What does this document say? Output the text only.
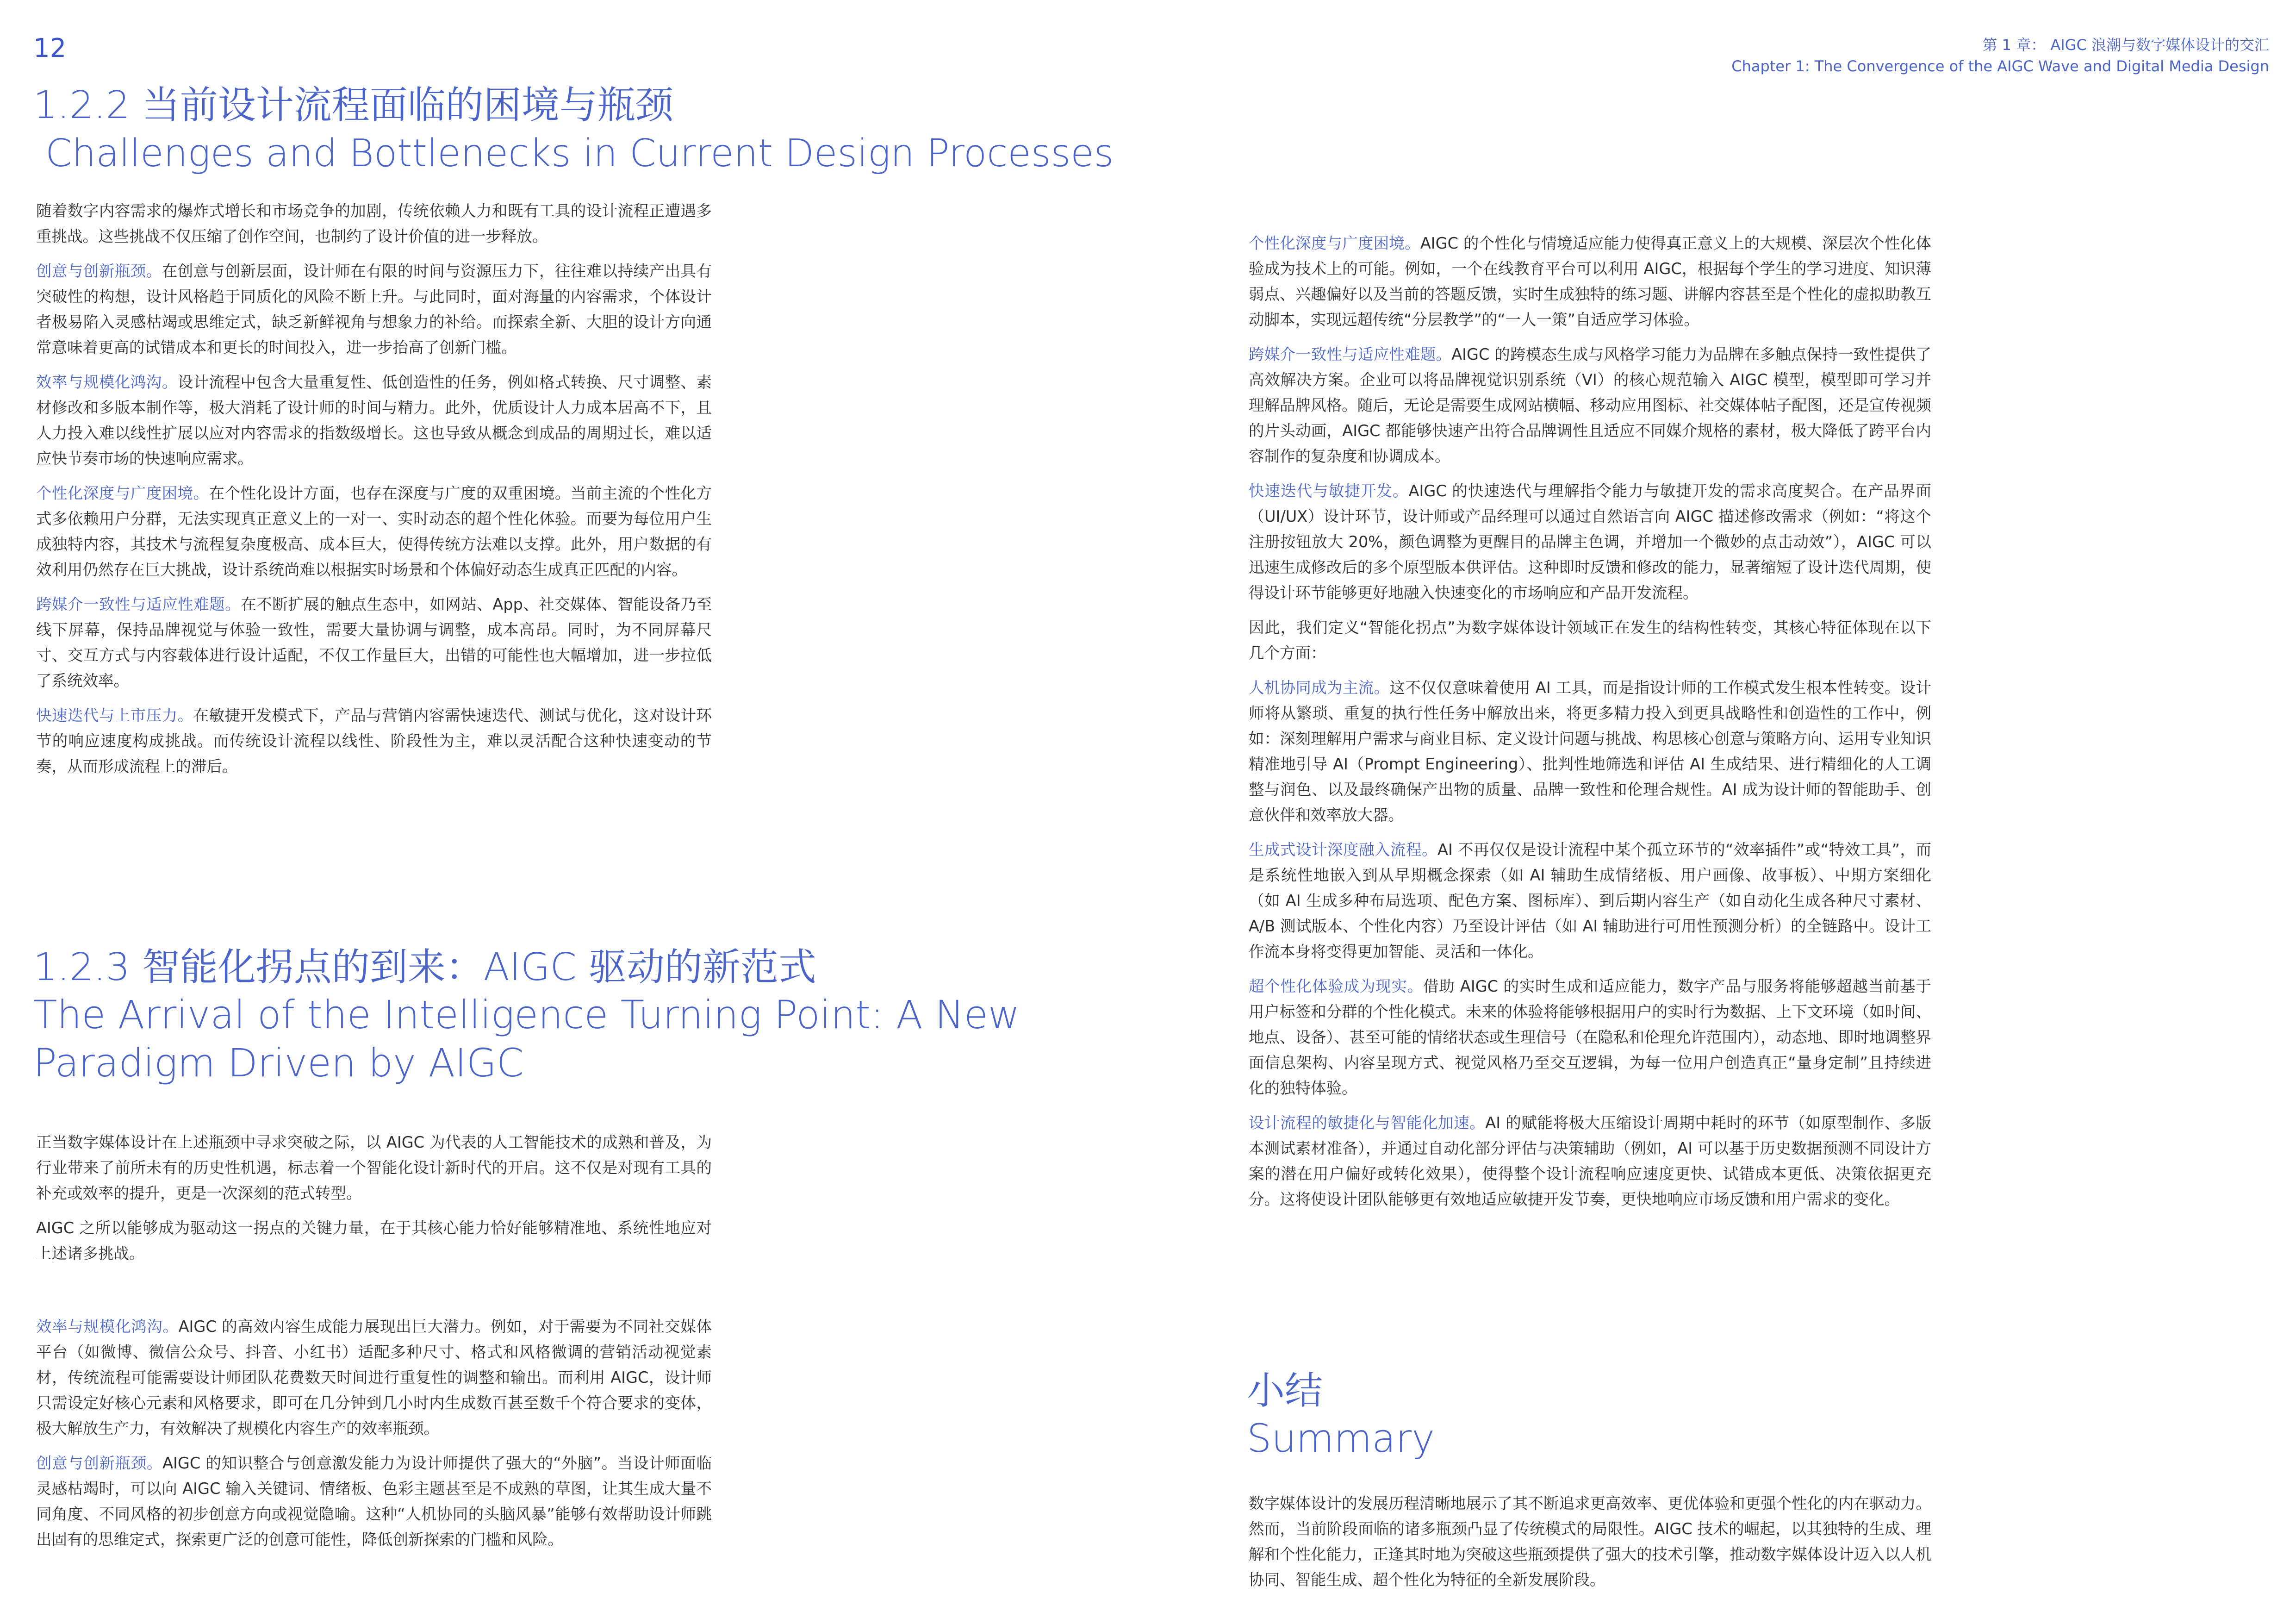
12	第 1 章： AIGC 浪潮与数字媒体设计的交汇
Chapter 1: The Convergence of the AIGC Wave and Digital Media Design
1.2.2 当前设计流程面临的困境与瓶颈
Challenges and Bottlenecks in Current Design Processes

随着数字内容需求的爆炸式增长和市场竞争的加剧，传统依赖人力和既有工具的设计流程正遭遇多重挑战。这些挑战不仅压缩了创作空间，也制约了设计价值的进一步释放。

创意与创新瓶颈。在创意与创新层面，设计师在有限的时间与资源压力下，往往难以持续产出具有突破性的构想，设计风格趋于同质化的风险不断上升。与此同时，面对海量的内容需求，个体设计者极易陷入灵感枯竭或思维定式，缺乏新鲜视角与想象力的补给。而探索全新、大胆的设计方向通常意味着更高的试错成本和更长的时间投入，进一步抬高了创新门槛。

效率与规模化鸿沟。设计流程中包含大量重复性、低创造性的任务，例如格式转换、尺寸调整、素材修改和多版本制作等，极大消耗了设计师的时间与精力。此外，优质设计人力成本居高不下，且人力投入难以线性扩展以应对内容需求的指数级增长。这也导致从概念到成品的周期过长，难以适应快节奏市场的快速响应需求。

个性化深度与广度困境。在个性化设计方面，也存在深度与广度的双重困境。当前主流的个性化方式多依赖用户分群，无法实现真正意义上的一对一、实时动态的超个性化体验。而要为每位用户生成独特内容，其技术与流程复杂度极高、成本巨大，使得传统方法难以支撑。此外，用户数据的有效利用仍然存在巨大挑战，设计系统尚难以根据实时场景和个体偏好动态生成真正匹配的内容。

跨媒介一致性与适应性难题。在不断扩展的触点生态中，如网站、App、社交媒体、智能设备乃至线下屏幕，保持品牌视觉与体验一致性，需要大量协调与调整，成本高昂。同时，为不同屏幕尺寸、交互方式与内容载体进行设计适配，不仅工作量巨大，出错的可能性也大幅增加，进一步拉低了系统效率。

快速迭代与上市压力。在敏捷开发模式下，产品与营销内容需快速迭代、测试与优化，这对设计环节的响应速度构成挑战。而传统设计流程以线性、阶段性为主，难以灵活配合这种快速变动的节奏，从而形成流程上的滞后。

1.2.3 智能化拐点的到来：AIGC 驱动的新范式
The Arrival of the Intelligence Turning Point: A New Paradigm Driven by AIGC

正当数字媒体设计在上述瓶颈中寻求突破之际，以 AIGC 为代表的人工智能技术的成熟和普及，为行业带来了前所未有的历史性机遇，标志着一个智能化设计新时代的开启。这不仅是对现有工具的补充或效率的提升，更是一次深刻的范式转型。

AIGC 之所以能够成为驱动这一拐点的关键力量，在于其核心能力恰好能够精准地、系统性地应对上述诸多挑战。

效率与规模化鸿沟。AIGC 的高效内容生成能力展现出巨大潜力。例如，对于需要为不同社交媒体平台（如微博、微信公众号、抖音、小红书）适配多种尺寸、格式和风格微调的营销活动视觉素材，传统流程可能需要设计师团队花费数天时间进行重复性的调整和输出。而利用 AIGC，设计师只需设定好核心元素和风格要求，即可在几分钟到几小时内生成数百甚至数千个符合要求的变体，极大解放生产力，有效解决了规模化内容生产的效率瓶颈。

创意与创新瓶颈。AIGC 的知识整合与创意激发能力为设计师提供了强大的“外脑”。当设计师面临灵感枯竭时，可以向 AIGC 输入关键词、情绪板、色彩主题甚至是不成熟的草图，让其生成大量不同角度、不同风格的初步创意方向或视觉隐喻。这种“人机协同的头脑风暴”能够有效帮助设计师跳出固有的思维定式，探索更广泛的创意可能性，降低创新探索的门槛和风险。

个性化深度与广度困境。AIGC 的个性化与情境适应能力使得真正意义上的大规模、深层次个性化体验成为技术上的可能。例如，一个在线教育平台可以利用 AIGC，根据每个学生的学习进度、知识薄弱点、兴趣偏好以及当前的答题反馈，实时生成独特的练习题、讲解内容甚至是个性化的虚拟助教互动脚本，实现远超传统“分层教学”的“一人一策”自适应学习体验。

跨媒介一致性与适应性难题。AIGC 的跨模态生成与风格学习能力为品牌在多触点保持一致性提供了高效解决方案。企业可以将品牌视觉识别系统（VI）的核心规范输入 AIGC 模型，模型即可学习并理解品牌风格。随后，无论是需要生成网站横幅、移动应用图标、社交媒体帖子配图，还是宣传视频的片头动画，AIGC 都能够快速产出符合品牌调性且适应不同媒介规格的素材，极大降低了跨平台内容制作的复杂度和协调成本。

快速迭代与敏捷开发。AIGC 的快速迭代与理解指令能力与敏捷开发的需求高度契合。在产品界面（UI/UX）设计环节，设计师或产品经理可以通过自然语言向 AIGC 描述修改需求（例如：“将这个注册按钮放大 20%，颜色调整为更醒目的品牌主色调，并增加一个微妙的点击动效”），AIGC 可以迅速生成修改后的多个原型版本供评估。这种即时反馈和修改的能力，显著缩短了设计迭代周期，使得设计环节能够更好地融入快速变化的市场响应和产品开发流程。

因此，我们定义“智能化拐点”为数字媒体设计领域正在发生的结构性转变，其核心特征体现在以下几个方面：

人机协同成为主流。这不仅仅意味着使用 AI 工具，而是指设计师的工作模式发生根本性转变。设计师将从繁琐、重复的执行性任务中解放出来，将更多精力投入到更具战略性和创造性的工作中，例如：深刻理解用户需求与商业目标、定义设计问题与挑战、构思核心创意与策略方向、运用专业知识精准地引导 AI（Prompt Engineering）、批判性地筛选和评估 AI 生成结果、进行精细化的人工调整与润色、以及最终确保产出物的质量、品牌一致性和伦理合规性。AI 成为设计师的智能助手、创意伙伴和效率放大器。

生成式设计深度融入流程。AI 不再仅仅是设计流程中某个孤立环节的“效率插件”或“特效工具”，而是系统性地嵌入到从早期概念探索（如 AI 辅助生成情绪板、用户画像、故事板）、中期方案细化（如 AI 生成多种布局选项、配色方案、图标库）、到后期内容生产（如自动化生成各种尺寸素材、A/B 测试版本、个性化内容）乃至设计评估（如 AI 辅助进行可用性预测分析）的全链路中。设计工作流本身将变得更加智能、灵活和一体化。

超个性化体验成为现实。借助 AIGC 的实时生成和适应能力，数字产品与服务将能够超越当前基于用户标签和分群的个性化模式。未来的体验将能够根据用户的实时行为数据、上下文环境（如时间、地点、设备）、甚至可能的情绪状态或生理信号（在隐私和伦理允许范围内），动态地、即时地调整界面信息架构、内容呈现方式、视觉风格乃至交互逻辑，为每一位用户创造真正“量身定制”且持续进化的独特体验。

设计流程的敏捷化与智能化加速。AI 的赋能将极大压缩设计周期中耗时的环节（如原型制作、多版本测试素材准备），并通过自动化部分评估与决策辅助（例如，AI 可以基于历史数据预测不同设计方案的潜在用户偏好或转化效果），使得整个设计流程响应速度更快、试错成本更低、决策依据更充分。这将使设计团队能够更有效地适应敏捷开发节奏，更快地响应市场反馈和用户需求的变化。

小结
Summary

数字媒体设计的发展历程清晰地展示了其不断追求更高效率、更优体验和更强个性化的内在驱动力。然而，当前阶段面临的诸多瓶颈凸显了传统模式的局限性。AIGC 技术的崛起，以其独特的生成、理解和个性化能力，正逢其时地为突破这些瓶颈提供了强大的技术引擎，推动数字媒体设计迈入以人机协同、智能生成、超个性化为特征的全新发展阶段。
